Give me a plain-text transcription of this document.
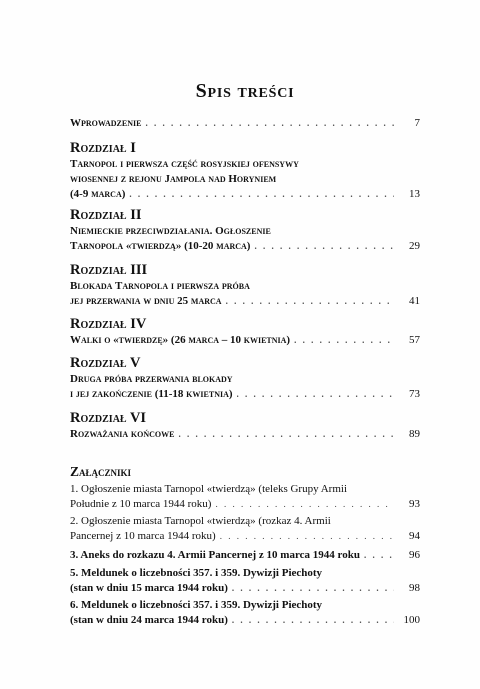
Spis treści
Wprowadzenie . . .	7
Rozdział I
Tarnopol i pierwsza część rosyjskiej ofensywy
wiosennej z rejonu Jampola nad Horyniem
(4-9 marca) . . .	13
Rozdział II
Niemieckie przeciwdziałania. Ogłoszenie
Tarnopola «twierdzą» (10-20 marca) . . .	29
Rozdział III
Blokada Tarnopola i pierwsza próba
jej przerwania w dniu 25 marca . . .	41
Rozdział IV
Walki o «twierdzę» (26 marca – 10 kwietnia) . . .	57
Rozdział V
Druga próba przerwania blokady
i jej zakończenie (11-18 kwietnia) . . .	73
Rozdział VI
Rozważania końcowe . . .	89
Załączniki
1. Ogłoszenie miasta Tarnopol «twierdzą» (teleks Grupy Armii
Południe z 10 marca 1944 roku) . . .	93
2. Ogłoszenie miasta Tarnopol «twierdzą» (rozkaz 4. Armii
Pancernej z 10 marca 1944 roku) . . .	94
3. Aneks do rozkazu 4. Armii Pancernej z 10 marca 1944 roku . . .	96
5. Meldunek o liczebności 357. i 359. Dywizji Piechoty
(stan w dniu 15 marca 1944 roku) . . .	98
6. Meldunek o liczebności 357. i 359. Dywizji Piechoty
(stan w dniu 24 marca 1944 roku) . . .	100
